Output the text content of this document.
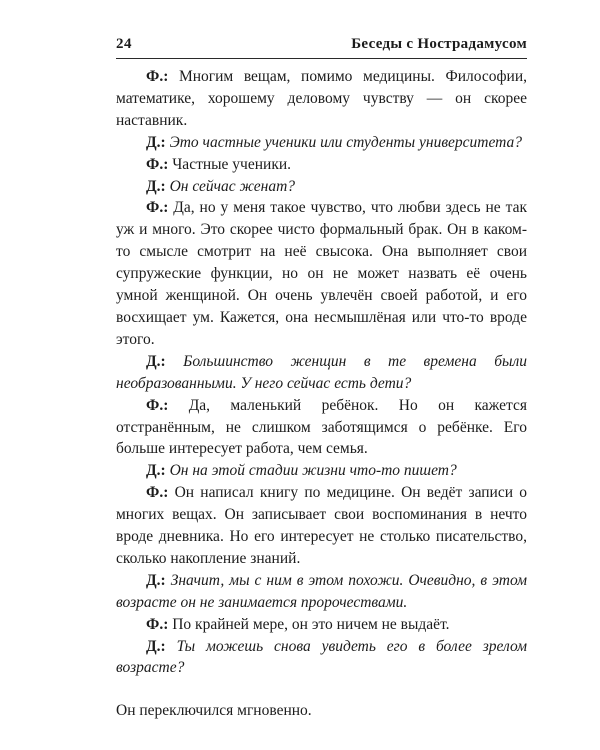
24	Беседы с Нострадамусом

Ф.: Многим вещам, помимо медицины. Философии, математике, хорошему деловому чувству — он скорее наставник.

Д.: Это частные ученики или студенты университета?

Ф.: Частные ученики.

Д.: Он сейчас женат?

Ф.: Да, но у меня такое чувство, что любви здесь не так уж и много. Это скорее чисто формальный брак. Он в каком-то смысле смотрит на неё свысока. Она выполняет свои супружеские функции, но он не может назвать её очень умной женщиной. Он очень увлечён своей работой, и его восхищает ум. Кажется, она несмышлёная или что-то вроде этого.

Д.: Большинство женщин в те времена были необразованными. У него сейчас есть дети?

Ф.: Да, маленький ребёнок. Но он кажется отстранённым, не слишком заботящимся о ребёнке. Его больше интересует работа, чем семья.

Д.: Он на этой стадии жизни что-то пишет?

Ф.: Он написал книгу по медицине. Он ведёт записи о многих вещах. Он записывает свои воспоминания в нечто вроде дневника. Но его интересует не столько писательство, сколько накопление знаний.

Д.: Значит, мы с ним в этом похожи. Очевидно, в этом возрасте он не занимается пророчествами.

Ф.: По крайней мере, он это ничем не выдаёт.

Д.: Ты можешь снова увидеть его в более зрелом возрасте?

Он переключился мгновенно.
